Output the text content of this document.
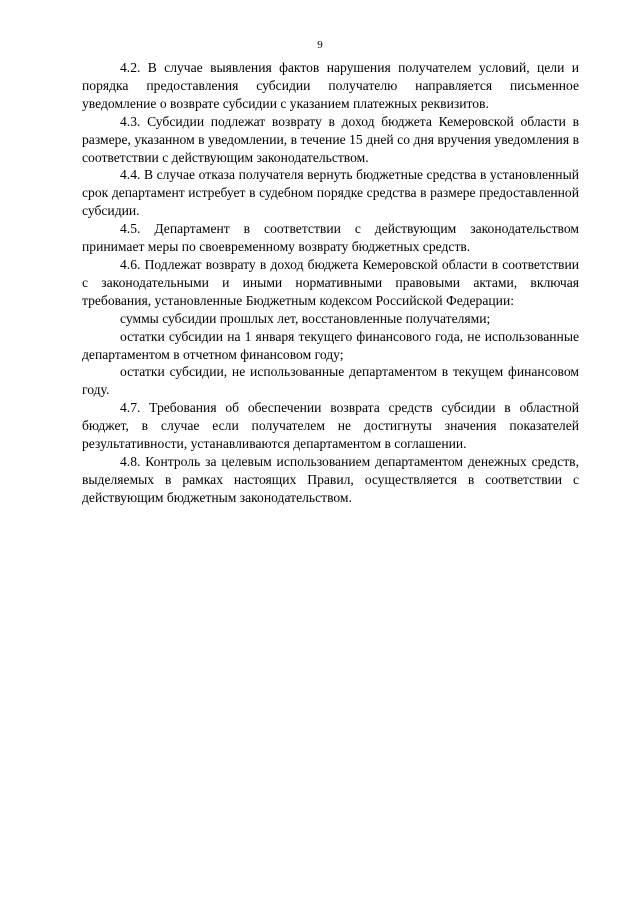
9

4.2. В случае выявления фактов нарушения получателем условий, цели и порядка предоставления субсидии получателю направляется письменное уведомление о возврате субсидии с указанием платежных реквизитов.

4.3. Субсидии подлежат возврату в доход бюджета Кемеровской области в размере, указанном в уведомлении, в течение 15 дней со дня вручения уведомления в соответствии с действующим законодательством.

4.4. В случае отказа получателя вернуть бюджетные средства в установленный срок департамент истребует в судебном порядке средства в размере предоставленной субсидии.

4.5. Департамент в соответствии с действующим законодательством принимает меры по своевременному возврату бюджетных средств.

4.6. Подлежат возврату в доход бюджета Кемеровской области в соответствии с законодательными и иными нормативными правовыми актами, включая требования, установленные Бюджетным кодексом Российской Федерации:

суммы субсидии прошлых лет, восстановленные получателями;

остатки субсидии на 1 января текущего финансового года, не использованные департаментом в отчетном финансовом году;

остатки субсидии, не использованные департаментом в текущем финансовом году.

4.7. Требования об обеспечении возврата средств субсидии в областной бюджет, в случае если получателем не достигнуты значения показателей результативности, устанавливаются департаментом в соглашении.

4.8. Контроль за целевым использованием департаментом денежных средств, выделяемых в рамках настоящих Правил, осуществляется в соответствии с действующим бюджетным законодательством.
